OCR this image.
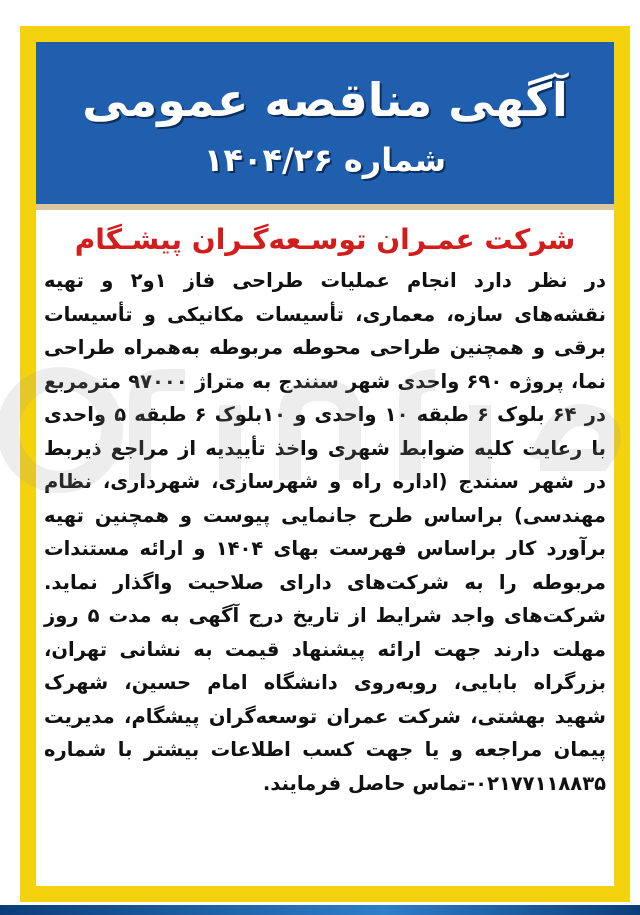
آگهی مناقصه عمومی
شماره ۱۴۰۴/۲۶
شرکت عمـران توسـعه‌گـران پیشـگام
در نظر دارد انجام عملیات طراحی فاز ۱و۲ و تهیه نقشه‌های سازه، معماری، تأسیسات مکانیکی و تأسیسات برقی و همچنین طراحی محوطه مربوطه به‌همراه طراحی نما، پروژه ۶۹۰ واحدی شهر سنندج به متراژ ۹۷۰۰۰ مترمربع در ۶۴ بلوک ۶ طبقه ۱۰ واحدی و ۱۰بلوک ۶ طبقه ۵ واحدی با رعایت کلیه ضوابط شهری واخذ تأییدیه از مراجع ذیربط در شهر سنندج (اداره راه و شهرسازی، شهرداری، نظام مهندسی) براساس طرح جانمایی پیوست و همچنین تهیه برآورد کار براساس فهرست بهای ۱۴۰۴ و ارائه مستندات مربوطه را به شرکت‌های دارای صلاحیت واگذار نماید. شرکت‌های واجد شرایط از تاریخ درج آگهی به مدت ۵ روز مهلت دارند جهت ارائه پیشنهاد قیمت به نشانی تهران، بزرگراه بابایی، روبه‌روی دانشگاه امام حسین، شهرک شهید بهشتی، شرکت عمران توسعه‌گران پیشگام، مدیریت پیمان مراجعه و یا جهت کسب اطلاعات بیشتر با شماره ۰۲۱۷۷۱۱۸۸۳۵-تماس حاصل فرمایند.
